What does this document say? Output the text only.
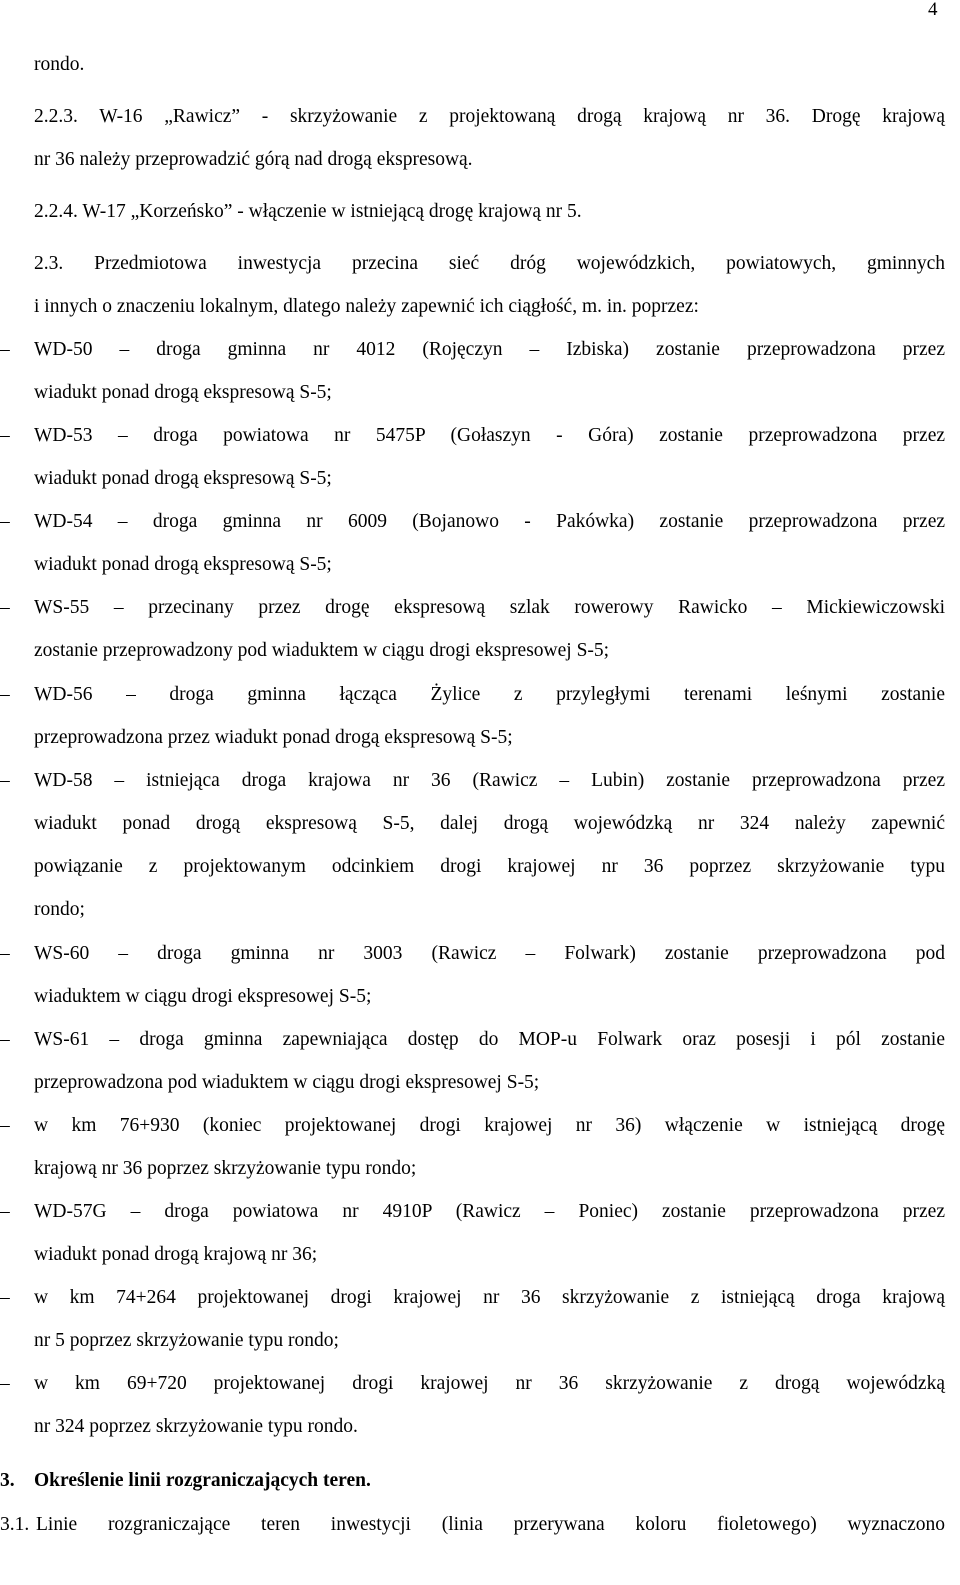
4
rondo.
2.2.3. W-16 „Rawicz” - skrzyżowanie z projektowaną drogą krajową nr 36. Drogę krajową
nr 36 należy przeprowadzić górą nad drogą ekspresową.
2.2.4. W-17 „Korzeńsko” - włączenie w istniejącą drogę krajową nr 5.
2.3. Przedmiotowa inwestycja przecina sieć dróg wojewódzkich, powiatowych, gminnych
i innych o znaczeniu lokalnym, dlatego należy zapewnić ich ciągłość, m. in. poprzez:
–	WD-50 – droga gminna nr 4012 (Rojęczyn – Izbiska) zostanie przeprowadzona przez
wiadukt ponad drogą ekspresową S-5;
–	WD-53 – droga powiatowa nr 5475P (Gołaszyn - Góra) zostanie przeprowadzona przez
wiadukt ponad drogą ekspresową S-5;
–	WD-54 – droga gminna nr 6009 (Bojanowo - Pakówka) zostanie przeprowadzona przez
wiadukt ponad drogą ekspresową S-5;
–	WS-55 – przecinany przez drogę ekspresową szlak rowerowy Rawicko – Mickiewiczowski
zostanie przeprowadzony pod wiaduktem w ciągu drogi ekspresowej S-5;
–	WD-56 – droga gminna łącząca Żylice z przyległymi terenami leśnymi zostanie
przeprowadzona przez wiadukt ponad drogą ekspresową S-5;
–	WD-58 – istniejąca droga krajowa nr 36 (Rawicz – Lubin) zostanie przeprowadzona przez
wiadukt ponad drogą ekspresową S-5, dalej drogą wojewódzką nr 324 należy zapewnić
powiązanie z projektowanym odcinkiem drogi krajowej nr 36 poprzez skrzyżowanie typu
rondo;
–	WS-60 – droga gminna nr 3003 (Rawicz – Folwark) zostanie przeprowadzona pod
wiaduktem w ciągu drogi ekspresowej S-5;
–	WS-61 – droga gminna zapewniająca dostęp do MOP-u Folwark oraz posesji i pól zostanie
przeprowadzona pod wiaduktem w ciągu drogi ekspresowej S-5;
–	w km 76+930 (koniec projektowanej drogi krajowej nr 36) włączenie w istniejącą drogę
krajową nr 36 poprzez skrzyżowanie typu rondo;
–	WD-57G – droga powiatowa nr 4910P (Rawicz – Poniec) zostanie przeprowadzona przez
wiadukt ponad drogą krajową nr 36;
–	w km 74+264 projektowanej drogi krajowej nr 36 skrzyżowanie z istniejącą droga krajową
nr 5 poprzez skrzyżowanie typu rondo;
–	w km 69+720 projektowanej drogi krajowej nr 36 skrzyżowanie z drogą wojewódzką
nr 324 poprzez skrzyżowanie typu rondo.
3. Określenie linii rozgraniczających teren.
3.1. Linie rozgraniczające teren inwestycji (linia przerywana koloru fioletowego) wyznaczono
